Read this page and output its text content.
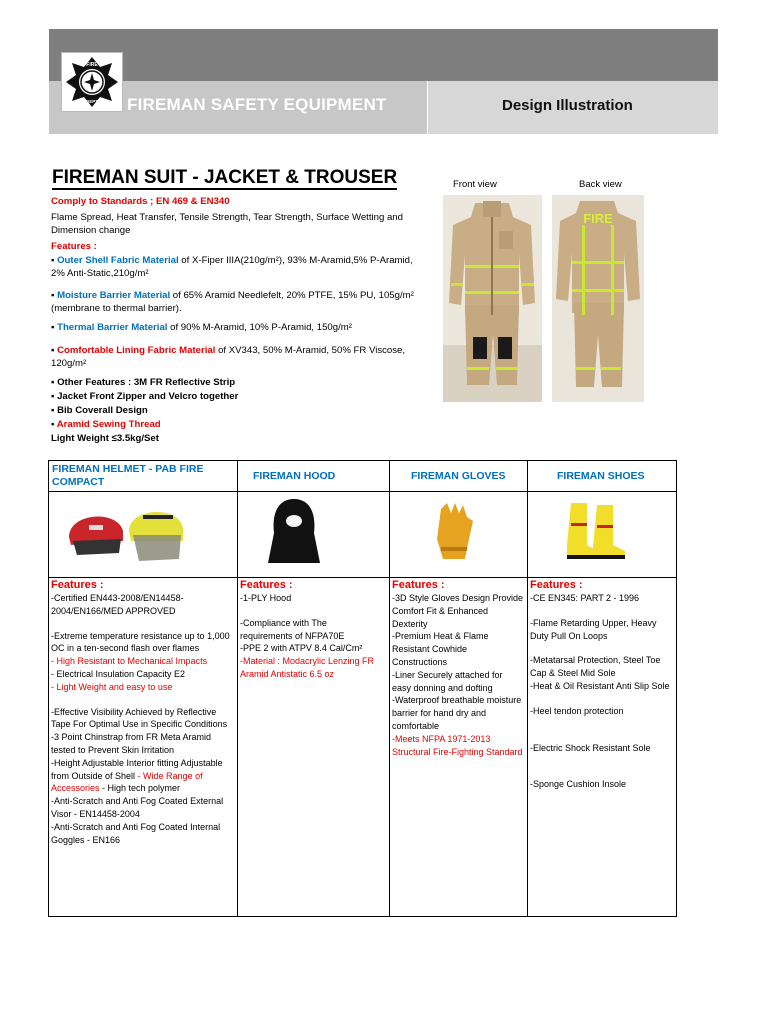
FIRE
DEPT FIREMAN SAFETY EQUIPMENT	Design Illustration
FIREMAN SUIT - JACKET & TROUSER
Comply to Standards ; EN 469 & EN340
Flame Spread, Heat Transfer, Tensile Strength, Tear Strength, Surface Wetting and Dimension change
Features :
▪ Outer Shell Fabric Material of X-Fiper IIIA(210g/m²), 93% M-Aramid,5% P-Aramid, 2% Anti-Static,210g/m²
▪ Moisture Barrier Material of 65% Aramid Needlefelt, 20% PTFE, 15% PU, 105g/m² (membrane to thermal barrier).
▪ Thermal Barrier Material of 90% M-Aramid, 10% P-Aramid, 150g/m²
▪ Comfortable Lining Fabric Material of XV343, 50% M-Aramid, 50% FR Viscose, 120g/m²
▪ Other Features : 3M FR Reflective Strip
▪ Jacket Front Zipper and Velcro together
▪ Bib Coverall Design
▪ Aramid Sewing Thread
Light Weight ≤3.5kg/Set
Front view	Back view
FIRE
FIREMAN HELMET - PAB FIRE COMPACT	FIREMAN HOOD	FIREMAN GLOVES	FIREMAN SHOES
Features :
-Certified EN443-2008/EN14458-2004/EN166/MED APPROVED
-Extreme temperature resistance up to 1,000 OC in a ten-second flash over flames
- High Resistant to Mechanical Impacts
- Electrical Insulation Capacity E2
- Light Weight and easy to use
-Effective Visibility Achieved by Reflective Tape For Optimal Use in Specific Conditions
-3 Point Chinstrap from FR Meta Aramid tested to Prevent Skin Irritation
-Height Adjustable Interior fitting Adjustable from Outside of Shell - Wide Range of Accessories - High tech polymer
-Anti-Scratch and Anti Fog Coated External Visor - EN14458-2004
-Anti-Scratch and Anti Fog Coated Internal Goggles - EN166
Features :
-1-PLY Hood
-Compliance with The requirements of NFPA70E
-PPE 2 with ATPV 8.4 Cal/Cm²
-Material : Modacrylic Lenzing FR Aramid Antistatic 6.5 oz
Features :
-3D Style Gloves Design Provide Comfort Fit & Enhanced Dexterity
-Premium Heat & Flame Resistant Cowhide Constructions
-Liner Securely attached for easy donning and dofting
-Waterproof breathable moisture barrier for hand dry and comfortable
-Meets NFPA 1971-2013 Structural Fire-Fighting Standard
Features :
-CE EN345: PART 2 - 1996
-Flame Retarding Upper, Heavy Duty Pull On Loops
-Metatarsal Protection, Steel Toe Cap & Steel Mid Sole
-Heat & Oil Resistant Anti Slip Sole
-Heel tendon protection
-Electric Shock Resistant Sole
-Sponge Cushion Insole
